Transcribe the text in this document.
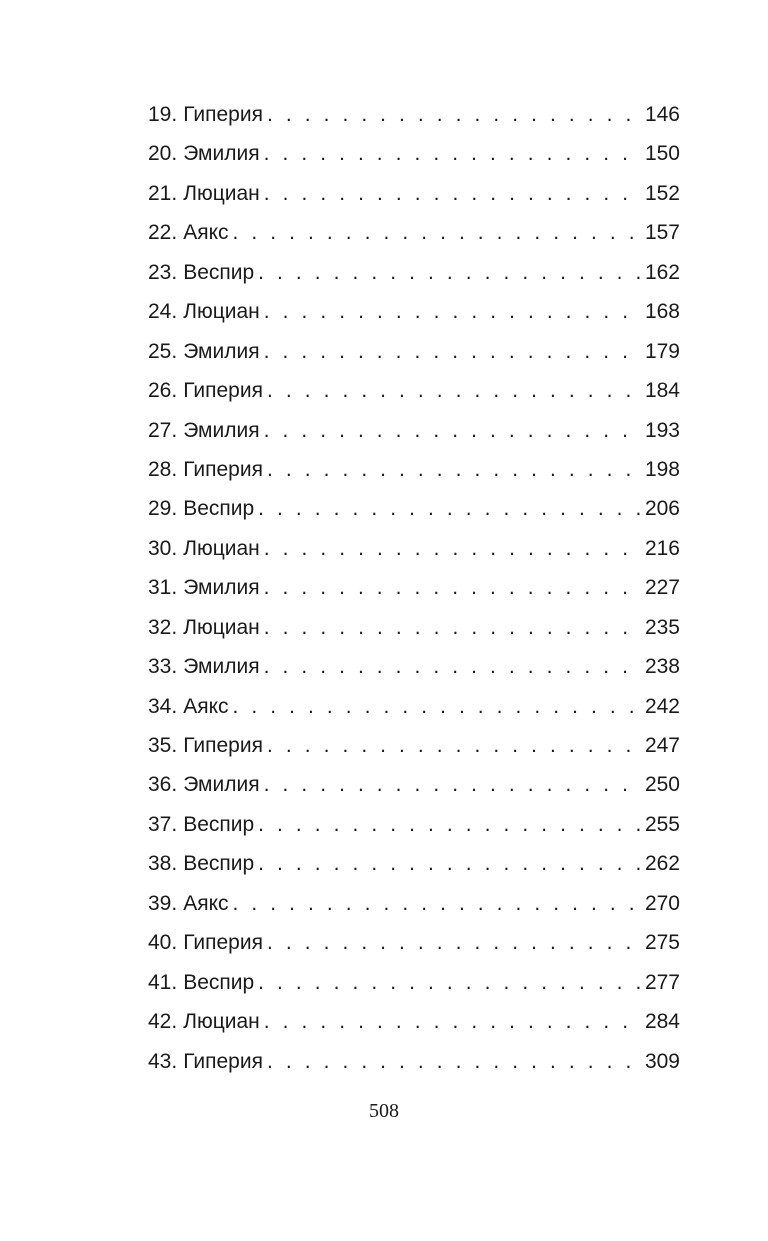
19. Гиперия . . .	146
20. Эмилия . . .	150
21. Люциан . . .	152
22. Аякс . . .	157
23. Веспир . . .	162
24. Люциан . . .	168
25. Эмилия . . .	179
26. Гиперия . . .	184
27. Эмилия . . .	193
28. Гиперия . . .	198
29. Веспир . . .	206
30. Люциан . . .	216
31. Эмилия . . .	227
32. Люциан . . .	235
33. Эмилия . . .	238
34. Аякс . . .	242
35. Гиперия . . .	247
36. Эмилия . . .	250
37. Веспир . . .	255
38. Веспир . . .	262
39. Аякс . . .	270
40. Гиперия . . .	275
41. Веспир . . .	277
42. Люциан . . .	284
43. Гиперия . . .	309
508
